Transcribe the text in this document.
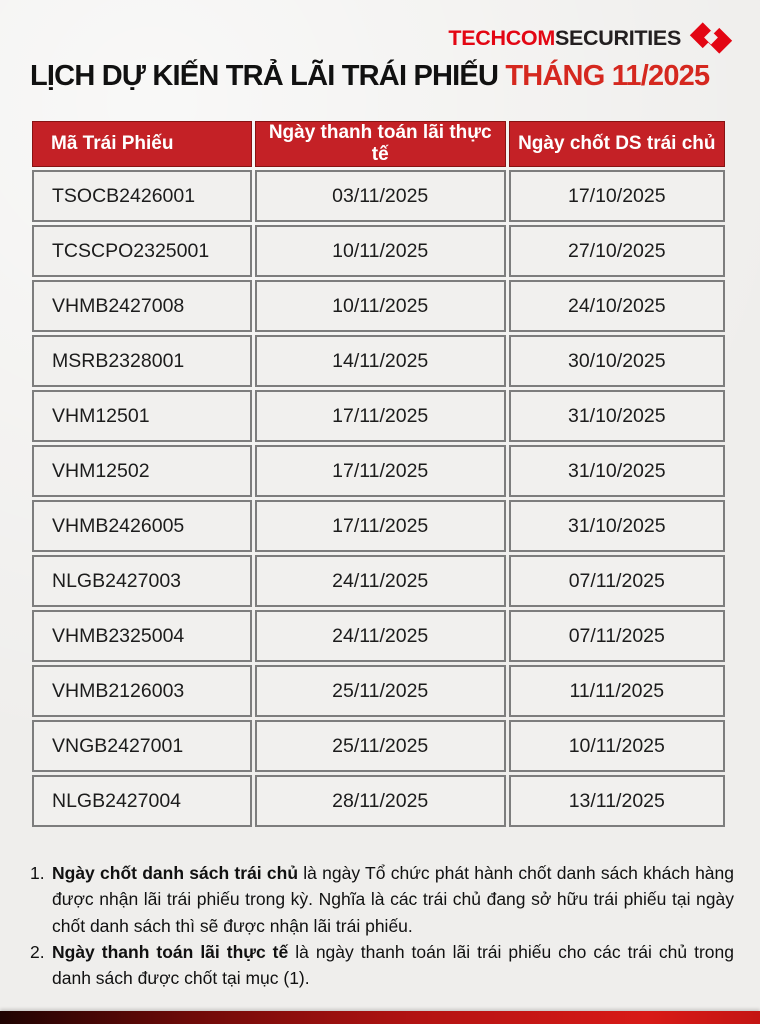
TECHCOMSECURITIES
LỊCH DỰ KIẾN TRẢ LÃI TRÁI PHIẾU THÁNG 11/2025
Mã Trái Phiếu	Ngày thanh toán lãi thực tế	Ngày chốt DS trái chủ
TSOCB2426001	03/11/2025	17/10/2025
TCSCPO2325001	10/11/2025	27/10/2025
VHMB2427008	10/11/2025	24/10/2025
MSRB2328001	14/11/2025	30/10/2025
VHM12501	17/11/2025	31/10/2025
VHM12502	17/11/2025	31/10/2025
VHMB2426005	17/11/2025	31/10/2025
NLGB2427003	24/11/2025	07/11/2025
VHMB2325004	24/11/2025	07/11/2025
VHMB2126003	25/11/2025	11/11/2025
VNGB2427001	25/11/2025	10/11/2025
NLGB2427004	28/11/2025	13/11/2025
1. Ngày chốt danh sách trái chủ là ngày Tổ chức phát hành chốt danh sách khách hàng được nhận lãi trái phiếu trong kỳ. Nghĩa là các trái chủ đang sở hữu trái phiếu tại ngày chốt danh sách thì sẽ được nhận lãi trái phiếu.
2. Ngày thanh toán lãi thực tế là ngày thanh toán lãi trái phiếu cho các trái chủ trong danh sách được chốt tại mục (1).
